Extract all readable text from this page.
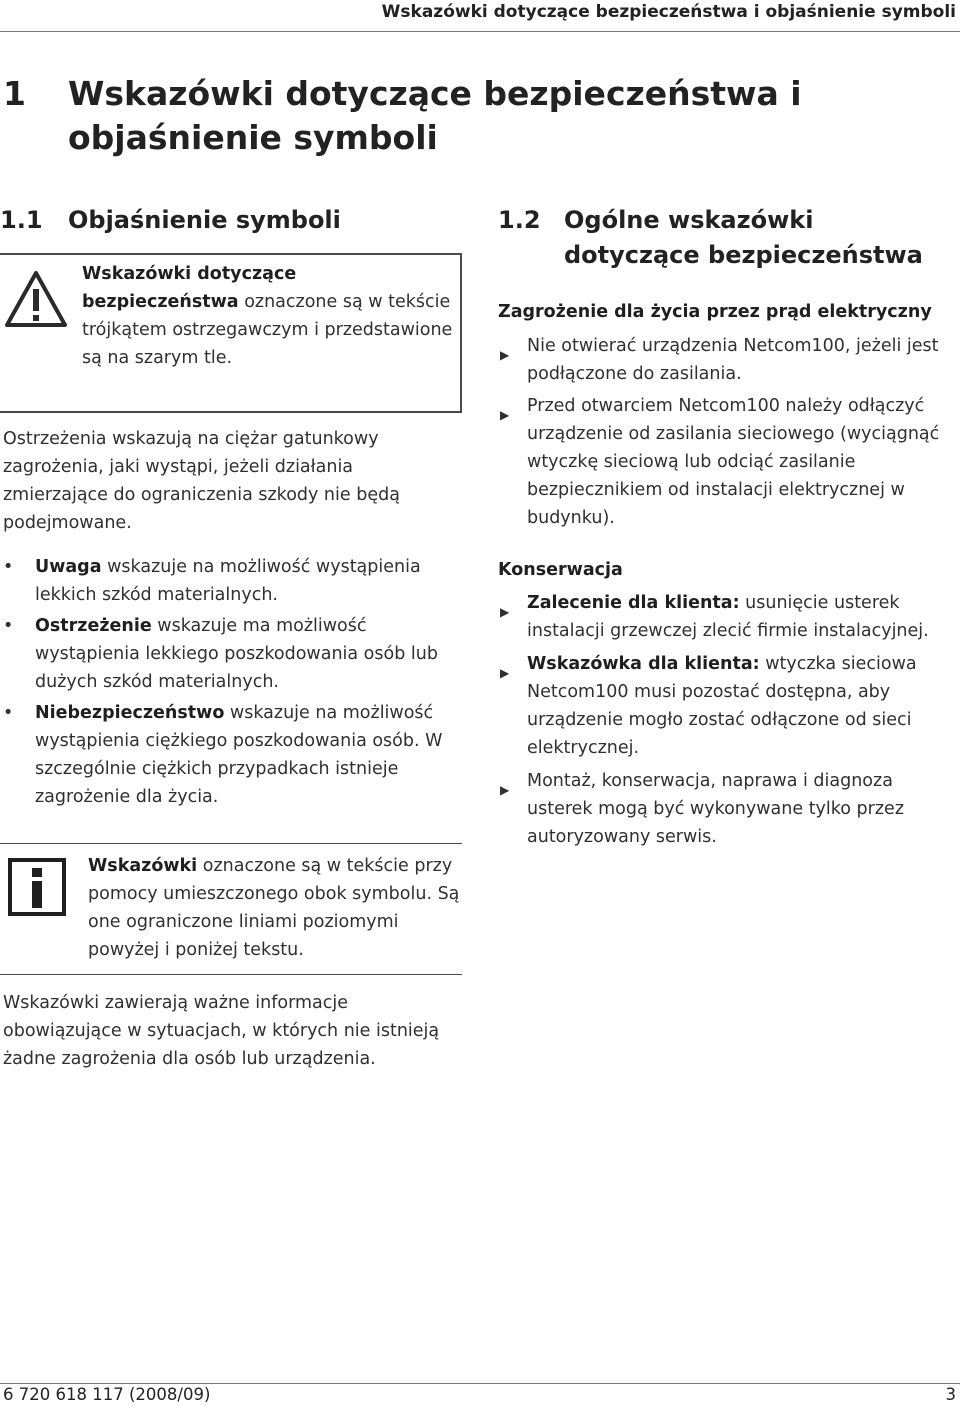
Wskazówki dotyczące bezpieczeństwa i objaśnienie symboli
1 Wskazówki dotyczące bezpieczeństwa i objaśnienie symboli
1.1 Objaśnienie symboli

Wskazówki dotyczące bezpieczeństwa oznaczone są w tekście trójkątem ostrzegawczym i przedstawione są na szarym tle.

Ostrzeżenia wskazują na ciężar gatunkowy zagrożenia, jaki wystąpi, jeżeli działania zmierzające do ograniczenia szkody nie będą podejmowane.

• Uwaga wskazuje na możliwość wystąpienia lekkich szkód materialnych.
• Ostrzeżenie wskazuje ma możliwość wystąpienia lekkiego poszkodowania osób lub dużych szkód materialnych.
• Niebezpieczeństwo wskazuje na możliwość wystąpienia ciężkiego poszkodowania osób. W szczególnie ciężkich przypadkach istnieje zagrożenie dla życia.

Wskazówki oznaczone są w tekście przy pomocy umieszczonego obok symbolu. Są one ograniczone liniami poziomymi powyżej i poniżej tekstu.

Wskazówki zawierają ważne informacje obowiązujące w sytuacjach, w których nie istnieją żadne zagrożenia dla osób lub urządzenia.

1.2 Ogólne wskazówki dotyczące bezpieczeństwa

Zagrożenie dla życia przez prąd elektryczny

▶ Nie otwierać urządzenia Netcom100, jeżeli jest podłączone do zasilania.
▶ Przed otwarciem Netcom100 należy odłączyć urządzenie od zasilania sieciowego (wyciągnąć wtyczkę sieciową lub odciąć zasilanie bezpiecznikiem od instalacji elektrycznej w budynku).

Konserwacja

▶ Zalecenie dla klienta: usunięcie usterek instalacji grzewczej zlecić firmie instalacyjnej.
▶ Wskazówka dla klienta: wtyczka sieciowa Netcom100 musi pozostać dostępna, aby urządzenie mogło zostać odłączone od sieci elektrycznej.
▶ Montaż, konserwacja, naprawa i diagnoza usterek mogą być wykonywane tylko przez autoryzowany serwis.
6 720 618 117 (2008/09)	3
